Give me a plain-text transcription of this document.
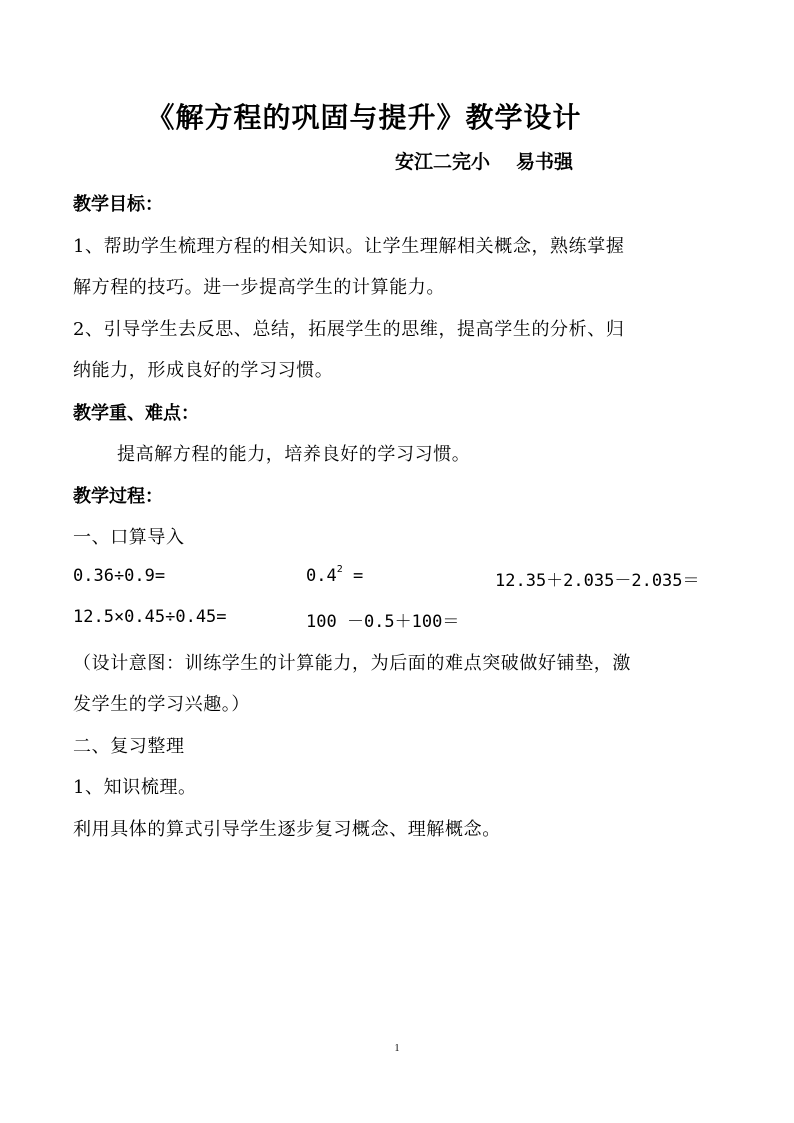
《解方程的巩固与提升》教学设计
安江二完小 易书强
教学目标：
1、帮助学生梳理方程的相关知识。让学生理解相关概念，熟练掌握
解方程的技巧。进一步提高学生的计算能力。
2、引导学生去反思、总结，拓展学生的思维，提高学生的分析、归
纳能力，形成良好的学习习惯。
教学重、难点：
提高解方程的能力，培养良好的学习习惯。
教学过程：
一、口算导入
0.36÷0.9=	$0.4^2$ =	12.35＋2.035－2.035＝
12.5×0.45÷0.45=	100 －0.5＋100＝
（设计意图：训练学生的计算能力，为后面的难点突破做好铺垫，激
发学生的学习兴趣。）
二、复习整理
1、知识梳理。
利用具体的算式引导学生逐步复习概念、理解概念。
1
